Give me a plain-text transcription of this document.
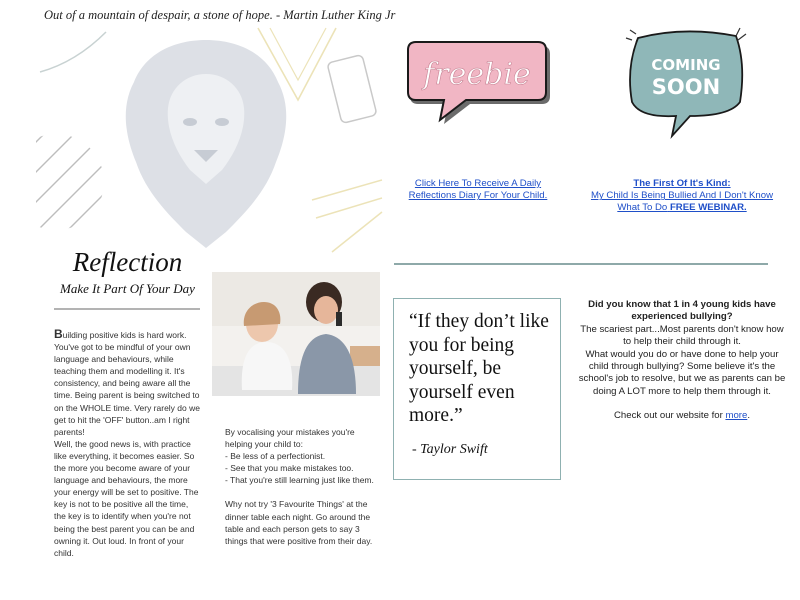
Out of a mountain of despair, a stone of hope. - Martin Luther King Jr
Reflection
Make It Part Of Your Day

Building positive kids is hard work. You've got to be mindful of your own language and behaviours, while teaching them and modelling it. It's consistency, and being aware all the time. Being parent is being switched to on the WHOLE time. Very rarely do we get to hit the 'OFF' button..am I right parents!

Well, the good news is, with practice like everything, it becomes easier. So the more you become aware of your language and behaviours, the more your energy will be set to positive. The key is not to be positive all the time, the key is to identify when you're not being the best parent you can be and owning it. Out loud. In front of your child.

By vocalising your mistakes you're helping your child to:

- Be less of a perfectionist.

- See that you make mistakes too.

- That you're still learning just like them.

Why not try '3 Favourite Things' at the dinner table each night. Go around the table and each person gets to say 3 things that were positive from their day.

freebie	COMING
SOON
Click Here To Receive A Daily Reflections Diary For Your Child.
The First Of It's Kind:
My Child Is Being Bullied And I Don't Know What To Do FREE WEBINAR.
“If they don’t like you for being yourself, be yourself even more.”
- Taylor Swift

Did you know that 1 in 4 young kids have experienced bullying?

The scariest part...Most parents don't know how to help their child through it.

What would you do or have done to help your child through bullying? Some believe it's the school's job to resolve, but we as parents can be doing A LOT more to help them through it.

Check out our website for more.
